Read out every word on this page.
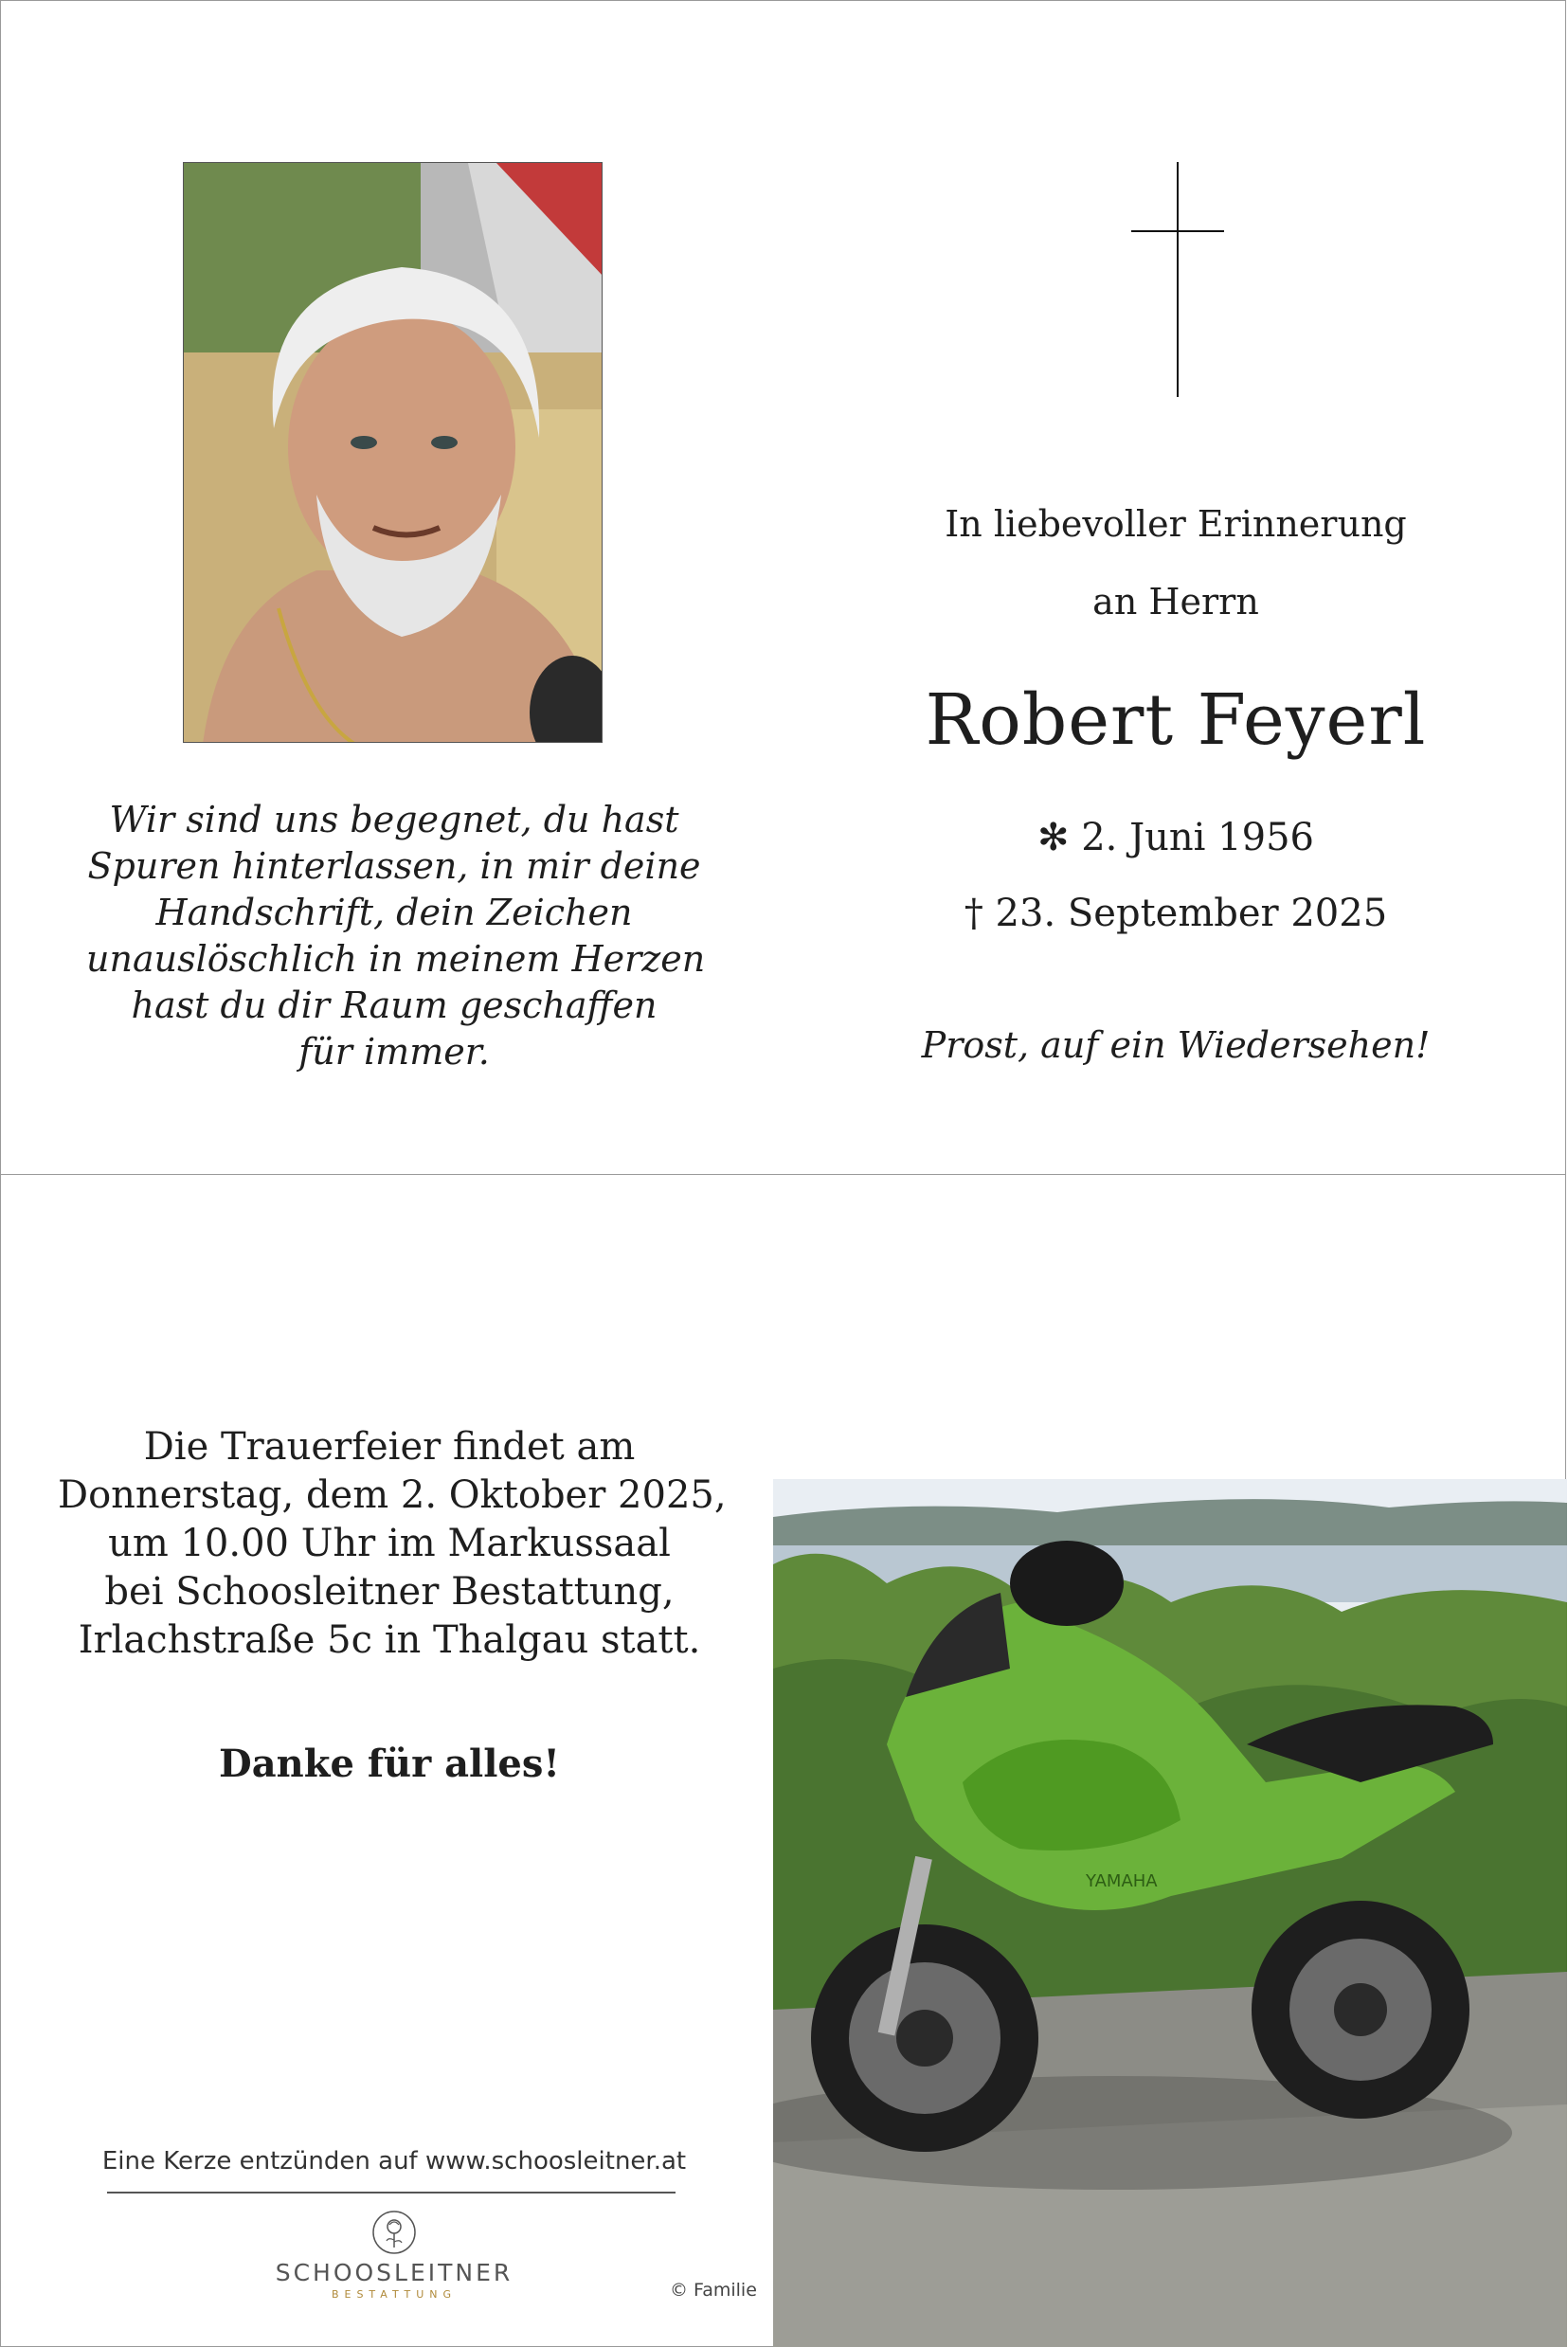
In liebevoller Erinnerung
an Herrn
Robert Feyerl
✻ 2. Juni 1956
† 23. September 2025
Prost, auf ein Wiedersehen!
Wir sind uns begegnet, du hast
Spuren hinterlassen, in mir deine
Handschrift, dein Zeichen
unauslöschlich in meinem Herzen
hast du dir Raum geschaffen
für immer.
Die Trauerfeier findet am
Donnerstag, dem 2. Oktober 2025,
um 10.00 Uhr im Markussaal
bei Schoosleitner Bestattung,
Irlachstraße 5c in Thalgau statt.
Danke für alles!
YAMAHA
Eine Kerze entzünden auf www.schoosleitner.at
SCHOOSLEITNER
BESTATTUNG	© Familie
